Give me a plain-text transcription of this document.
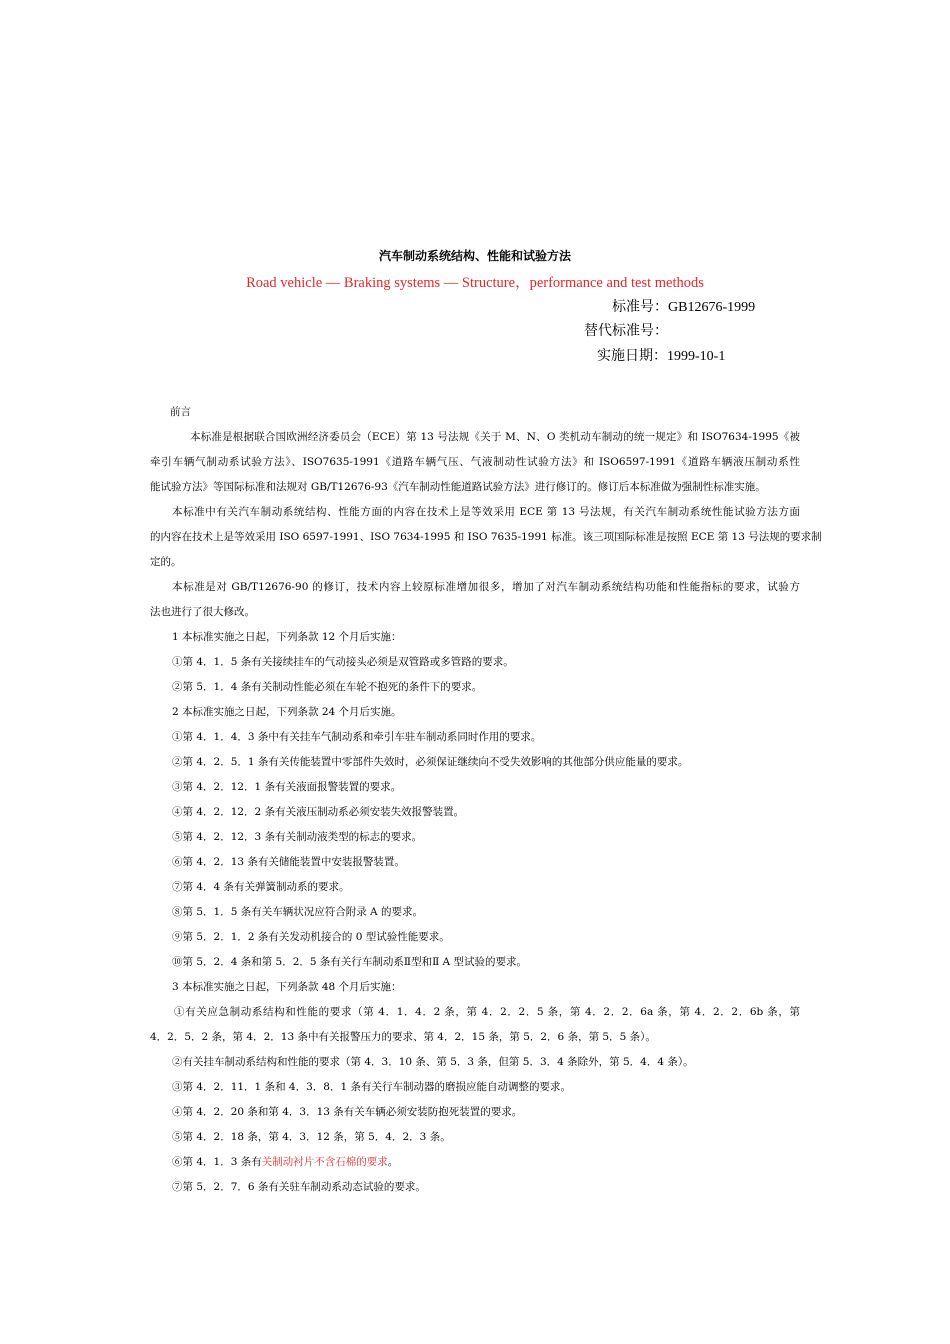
汽车制动系统结构、性能和试验方法
Road vehicle — Braking systems — Structure，performance and test methods
标准号：GB12676-1999
替代标准号：
实施日期：1999-10-1
前言
本标准是根据联合国欧洲经济委员会（ECE）第 13 号法规《关于 M、N、O 类机动车制动的统一规定》和 ISO7634-1995《被
牵引车辆气制动系试验方法》、ISO7635-1991《道路车辆气压、气液制动性试验方法》和 ISO6597-1991《道路车辆液压制动系性
能试验方法》等国际标准和法规对 GB/T12676-93《汽车制动性能道路试验方法》进行修订的。修订后本标准做为强制性标准实施。
本标准中有关汽车制动系统结构、性能方面的内容在技术上是等效采用 ECE 第 13 号法规，有关汽车制动系统性能试验方法方面
的内容在技术上是等效采用 ISO 6597-1991、ISO 7634-1995 和 ISO 7635-1991 标准。该三项国际标准是按照 ECE 第 13 号法规的要求制
定的。
本标准是对 GB/T12676-90 的修订，技术内容上较原标准增加很多，增加了对汽车制动系统结构功能和性能指标的要求，试验方
法也进行了很大修改。
1 本标准实施之日起，下列条款 12 个月后实施：
①第 4．1．5 条有关接续挂车的气动接头必须是双管路或多管路的要求。
②第 5．1．4 条有关制动性能必须在车轮不抱死的条件下的要求。
2 本标准实施之日起，下列条款 24 个月后实施。
①第 4．1．4．3 条中有关挂车气制动系和牵引车驻车制动系同时作用的要求。
②第 4．2．5．1 条有关传能装置中零部件失效时，必须保证继续向不受失效影响的其他部分供应能量的要求。
③第 4．2．12．1 条有关液面报警装置的要求。
④第 4．2．12．2 条有关液压制动系必须安装失效报警装置。
⑤第 4．2．12．3 条有关制动液类型的标志的要求。
⑥第 4．2．13 条有关储能装置中安装报警装置。
⑦第 4．4 条有关弹簧制动系的要求。
⑧第 5．1．5 条有关车辆状况应符合附录 A 的要求。
⑨第 5．2．1．2 条有关发动机接合的 0 型试验性能要求。
⑩第 5．2．4 条和第 5．2．5 条有关行车制动系Ⅱ型和Ⅱ A 型试验的要求。
3 本标准实施之日起，下列条款 48 个月后实施：
①有关应急制动系结构和性能的要求（第 4．1．4．2 条，第 4．2．2．5 条，第 4．2．2．6a 条，第 4．2．2．6b 条，第
4．2．5．2 条，第 4．2．13 条中有关报警压力的要求、第 4．2．15 条，第 5．2．6 条，第 5．5 条）。
②有关挂车制动系结构和性能的要求（第 4．3．10 条、第 5．3 条，但第 5．3．4 条除外，第 5．4．4 条）。
③第 4．2．11．1 条和 4．3．8．1 条有关行车制动器的磨损应能自动调整的要求。
④第 4．2．20 条和第 4．3．13 条有关车辆必须安装防抱死装置的要求。
⑤第 4．2．18 条，第 4．3．12 条，第 5．4．2．3 条。
⑥第 4．1．3 条有关制动衬片不含石棉的要求。
⑦第 5．2．7．6 条有关驻车制动系动态试验的要求。
